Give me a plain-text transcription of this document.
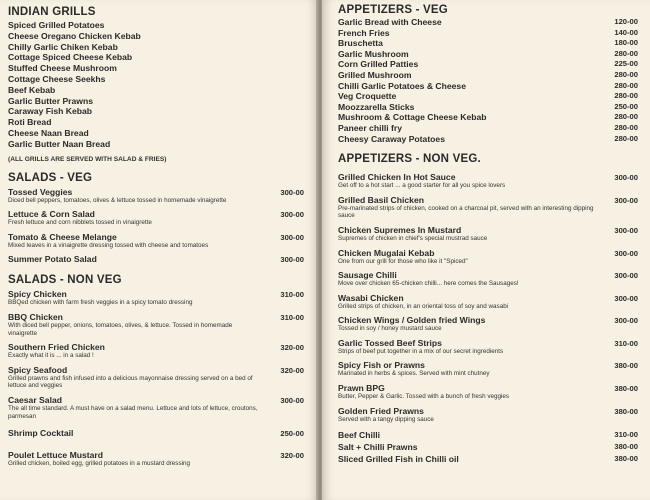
INDIAN GRILLS
Spiced Grilled Potatoes
Cheese Oregano Chicken Kebab
Chilly Garlic Chiken Kebab
Cottage Spiced Cheese Kebab
Stuffed Cheese Mushroom
Cottage Cheese Seekhs
Beef Kebab
Garlic Butter Prawns
Caraway Fish Kebab
Roti Bread
Cheese Naan Bread
Garlic Butter Naan Bread
(ALL GRILLS ARE SERVED WITH SALAD & FRIES)
SALADS - VEG
Tossed Veggies
Diced bell peppers, tomatoes, olives & lettuce tossed in homemade vinaigrette
300-00
Lettuce & Corn Salad
Fresh lettuce and corn nibblets tossed in vinaigrette
300-00
Tomato & Cheese Melange
Mixed leaves in a vinaigrette dressing tossed with cheese and tomatoes
300-00
Summer Potato Salad	300-00
SALADS - NON VEG
Spicy Chicken
BBQed chicken with farm fresh veggies in a spicy tomato dressing
310-00
BBQ Chicken
With diced bell pepper, onions, tomatoes, olives, & lettuce. Tossed in homemade vinaigrette
310-00
Southern Fried Chicken
Exactly what it is ... in a salad !
320-00
Spicy Seafood
Grilled prawns and fish infused into a delicious mayonnaise dressing served on a bed of lettuce and veggies
320-00
Caesar Salad
The all time standard. A must have on a salad menu. Lettuce and lots of lettuce, croutons, parmesan
300-00
Shrimp Cocktail	250-00
Poulet Lettuce Mustard
Grilled chicken, boiled egg, grilled potatoes in a mustard dressing
320-00
APPETIZERS - VEG
Garlic Bread with Cheese	120-00
French Fries	140-00
Bruschetta	180-00
Garlic Mushroom	280-00
Corn Grilled Patties	225-00
Grilled Mushroom	280-00
Chilli Garlic Potatoes & Cheese	280-00
Veg Croquette	280-00
Moozzarella Sticks	250-00
Mushroom & Cottage Cheese Kebab	280-00
Paneer chilli fry	280-00
Cheesy Caraway Potatoes	280-00
APPETIZERS - NON VEG.
Grilled Chicken In Hot Sauce
Get off to a hot start ... a good starter for all you spice lovers
300-00
Grilled Basil Chicken
Pre-marinated strips of chicken, cooked on a charcoal pit, served with an interesting dipping sauce
300-00
Chicken Supremes In Mustard
Supremes of chicken in chief's special mustrad sauce
300-00
Chicken Mugalai Kebab
One from our grill for those who like it "Spiced"
300-00
Sausage Chilli
Move over chicken 65-chicken chilli... here comes the Sausages!
300-00
Wasabi Chicken
Grilled strips of chicken, in an oriental toss of soy and wasabi
300-00
Chicken Wings / Golden fried Wings
Tossed in soy / honey mustard sauce
300-00
Garlic Tossed Beef Strips
Strips of beef put together in a mix of our secret ingredients
310-00
Spicy Fish or Prawns
Marinated in herbs & spices. Served with mint chutney
380-00
Prawn BPG
Butter, Pepper & Garlic. Tossed with a bunch of fresh veggies
380-00
Golden Fried Prawns
Served with a tangy dipping sauce
380-00
Beef Chilli	310-00
Salt + Chilli Prawns	380-00
Sliced Grilled Fish in Chilli oil	380-00
